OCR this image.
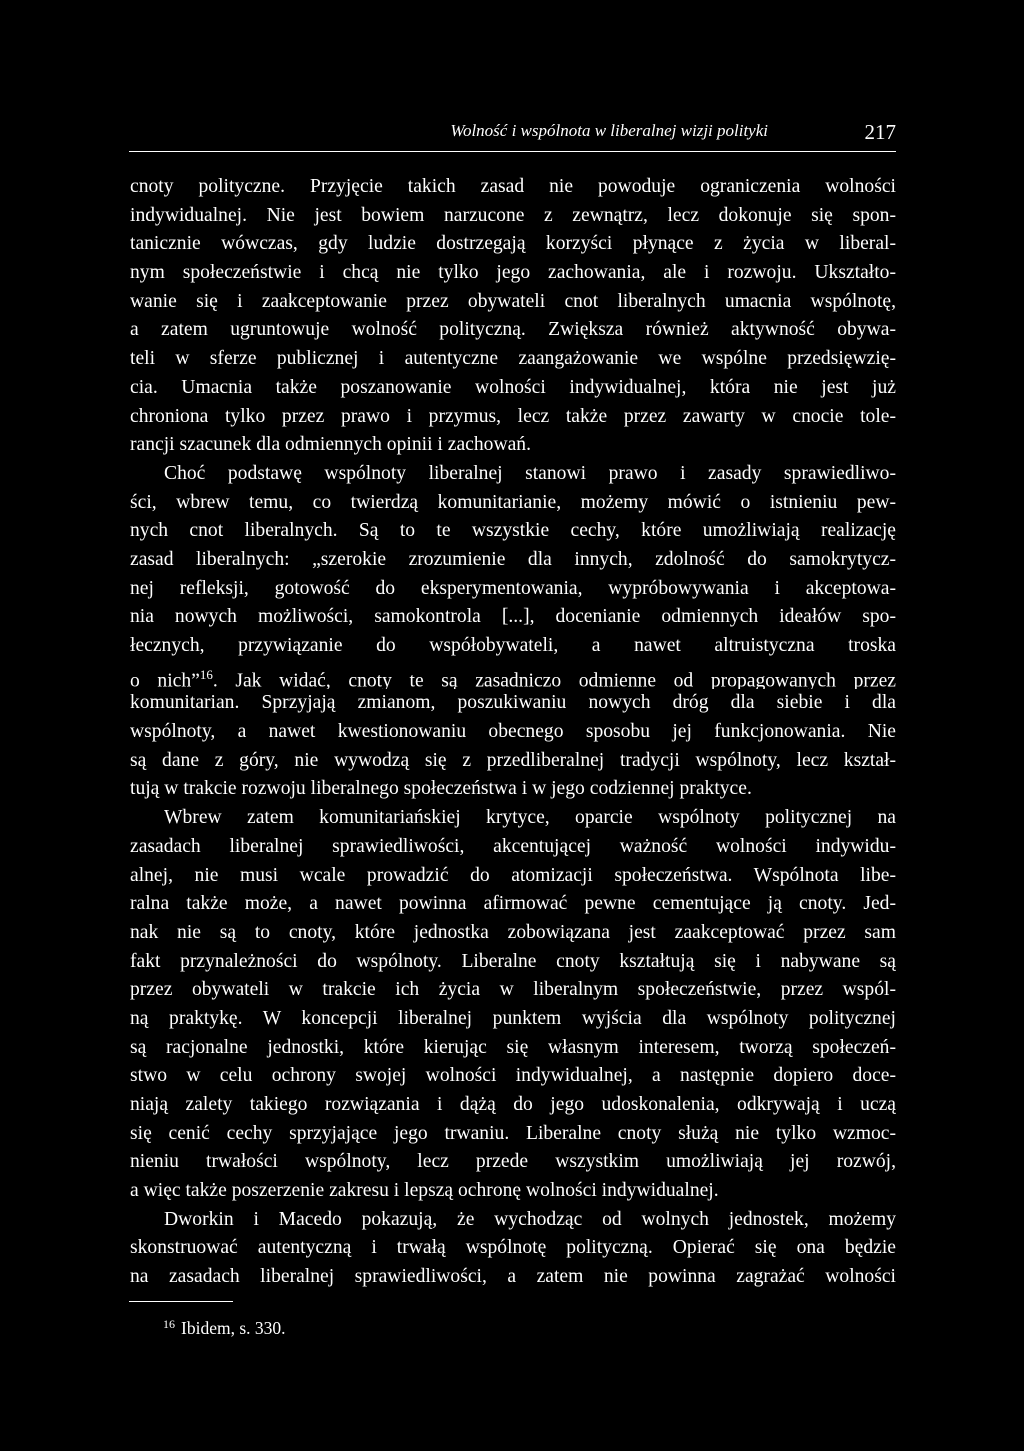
Wolność i wspólnota w liberalnej wizji polityki	217
cnoty polityczne. Przyjęcie takich zasad nie powoduje ograniczenia wolności
indywidualnej. Nie jest bowiem narzucone z zewnątrz, lecz dokonuje się spon-
tanicznie wówczas, gdy ludzie dostrzegają korzyści płynące z życia w liberal-
nym społeczeństwie i chcą nie tylko jego zachowania, ale i rozwoju. Ukształto-
wanie się i zaakceptowanie przez obywateli cnot liberalnych umacnia wspólnotę,
a zatem ugruntowuje wolność polityczną. Zwiększa również aktywność obywa-
teli w sferze publicznej i autentyczne zaangażowanie we wspólne przedsięwzię-
cia. Umacnia także poszanowanie wolności indywidualnej, która nie jest już
chroniona tylko przez prawo i przymus, lecz także przez zawarty w cnocie tole-
rancji szacunek dla odmiennych opinii i zachowań.
Choć podstawę wspólnoty liberalnej stanowi prawo i zasady sprawiedliwo-
ści, wbrew temu, co twierdzą komunitarianie, możemy mówić o istnieniu pew-
nych cnot liberalnych. Są to te wszystkie cechy, które umożliwiają realizację
zasad liberalnych: „szerokie zrozumienie dla innych, zdolność do samokrytycz-
nej refleksji, gotowość do eksperymentowania, wypróbowywania i akceptowa-
nia nowych możliwości, samokontrola [...], docenianie odmiennych ideałów spo-
łecznych, przywiązanie do współobywateli, a nawet altruistyczna troska
o nich”$^{16}$. Jak widać, cnoty te są zasadniczo odmienne od propagowanych przez
komunitarian. Sprzyjają zmianom, poszukiwaniu nowych dróg dla siebie i dla
wspólnoty, a nawet kwestionowaniu obecnego sposobu jej funkcjonowania. Nie
są dane z góry, nie wywodzą się z przedliberalnej tradycji wspólnoty, lecz kształ-
tują w trakcie rozwoju liberalnego społeczeństwa i w jego codziennej praktyce.
Wbrew zatem komunitariańskiej krytyce, oparcie wspólnoty politycznej na
zasadach liberalnej sprawiedliwości, akcentującej ważność wolności indywidu-
alnej, nie musi wcale prowadzić do atomizacji społeczeństwa. Wspólnota libe-
ralna także może, a nawet powinna afirmować pewne cementujące ją cnoty. Jed-
nak nie są to cnoty, które jednostka zobowiązana jest zaakceptować przez sam
fakt przynależności do wspólnoty. Liberalne cnoty kształtują się i nabywane są
przez obywateli w trakcie ich życia w liberalnym społeczeństwie, przez wspól-
ną praktykę. W koncepcji liberalnej punktem wyjścia dla wspólnoty politycznej
są racjonalne jednostki, które kierując się własnym interesem, tworzą społeczeń-
stwo w celu ochrony swojej wolności indywidualnej, a następnie dopiero doce-
niają zalety takiego rozwiązania i dążą do jego udoskonalenia, odkrywają i uczą
się cenić cechy sprzyjające jego trwaniu. Liberalne cnoty służą nie tylko wzmoc-
nieniu trwałości wspólnoty, lecz przede wszystkim umożliwiają jej rozwój,
a więc także poszerzenie zakresu i lepszą ochronę wolności indywidualnej.
Dworkin i Macedo pokazują, że wychodząc od wolnych jednostek, możemy
skonstruować autentyczną i trwałą wspólnotę polityczną. Opierać się ona będzie
na zasadach liberalnej sprawiedliwości, a zatem nie powinna zagrażać wolności
$^{16}$ Ibidem, s. 330.
